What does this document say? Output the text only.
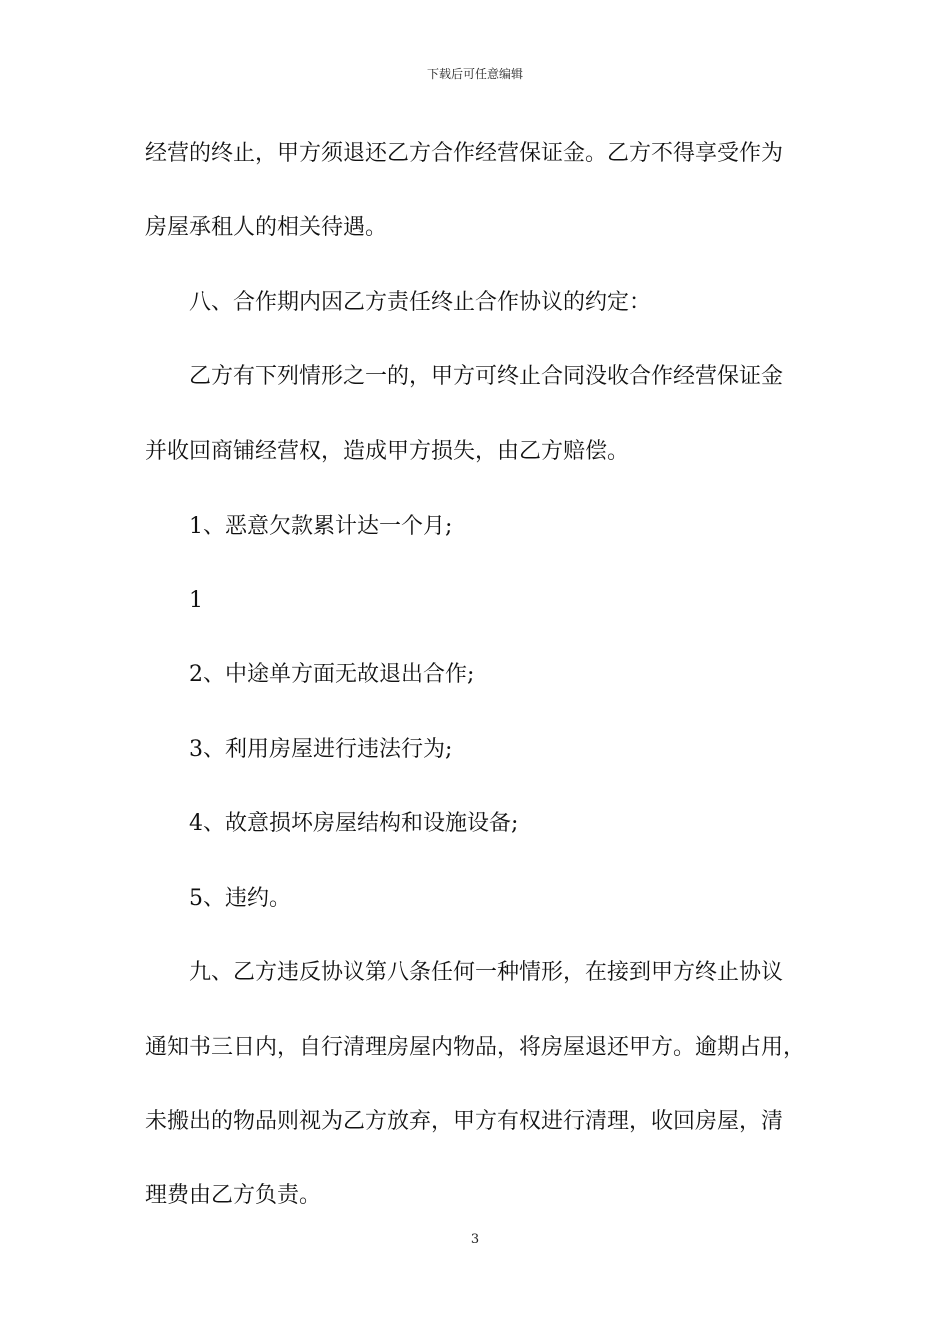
下载后可任意编辑
经营的终止，甲方须退还乙方合作经营保证金。乙方不得享受作为
房屋承租人的相关待遇。
八、合作期内因乙方责任终止合作协议的约定：
乙方有下列情形之一的，甲方可终止合同没收合作经营保证金
并收回商铺经营权，造成甲方损失，由乙方赔偿。
1、恶意欠款累计达一个月;
1
2、中途单方面无故退出合作;
3、利用房屋进行违法行为;
4、故意损坏房屋结构和设施设备;
5、违约。
九、乙方违反协议第八条任何一种情形，在接到甲方终止协议
通知书三日内，自行清理房屋内物品，将房屋退还甲方。逾期占用，
未搬出的物品则视为乙方放弃，甲方有权进行清理，收回房屋，清
理费由乙方负责。
3
